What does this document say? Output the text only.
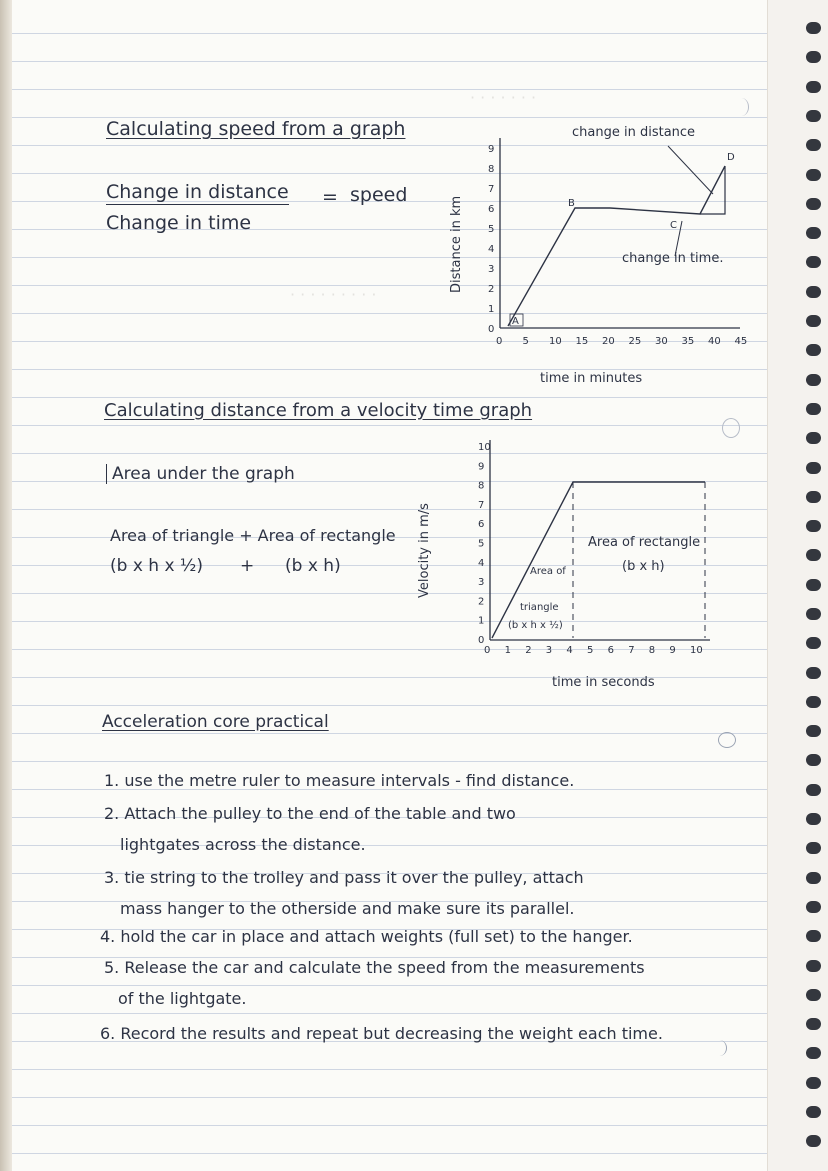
· · · · · · ·
· · · · · · · · ·
Calculating speed from a graph
Change in distance = speed
Change in time	Distance in km
0
1
2
3
4
5
6
7
8
9
0 5 10 15 20 25 30 35 40 45
time in minutes
A
B
C
D
change in distance
change in time.
Calculating distance from a velocity time graph
Area under the graph
Area of triangle + Area of rectangle
(b x h x ½) + (b x h)	Velocity in m/s
0
1
2
3
4
5
6
7
8
9
10
0 1 2 3 4 5 6 7 8 9 10
time in seconds
Area of
triangle
(b x h x ½)
Area of rectangle
(b x h)
Acceleration core practical
1. use the metre ruler to measure intervals - find distance.
2. Attach the pulley to the end of the table and two
lightgates across the distance.
3. tie string to the trolley and pass it over the pulley, attach
mass hanger to the otherside and make sure its parallel.
4. hold the car in place and attach weights (full set) to the hanger.
5. Release the car and calculate the speed from the measurements
of the lightgate.
6. Record the results and repeat but decreasing the weight each time.
